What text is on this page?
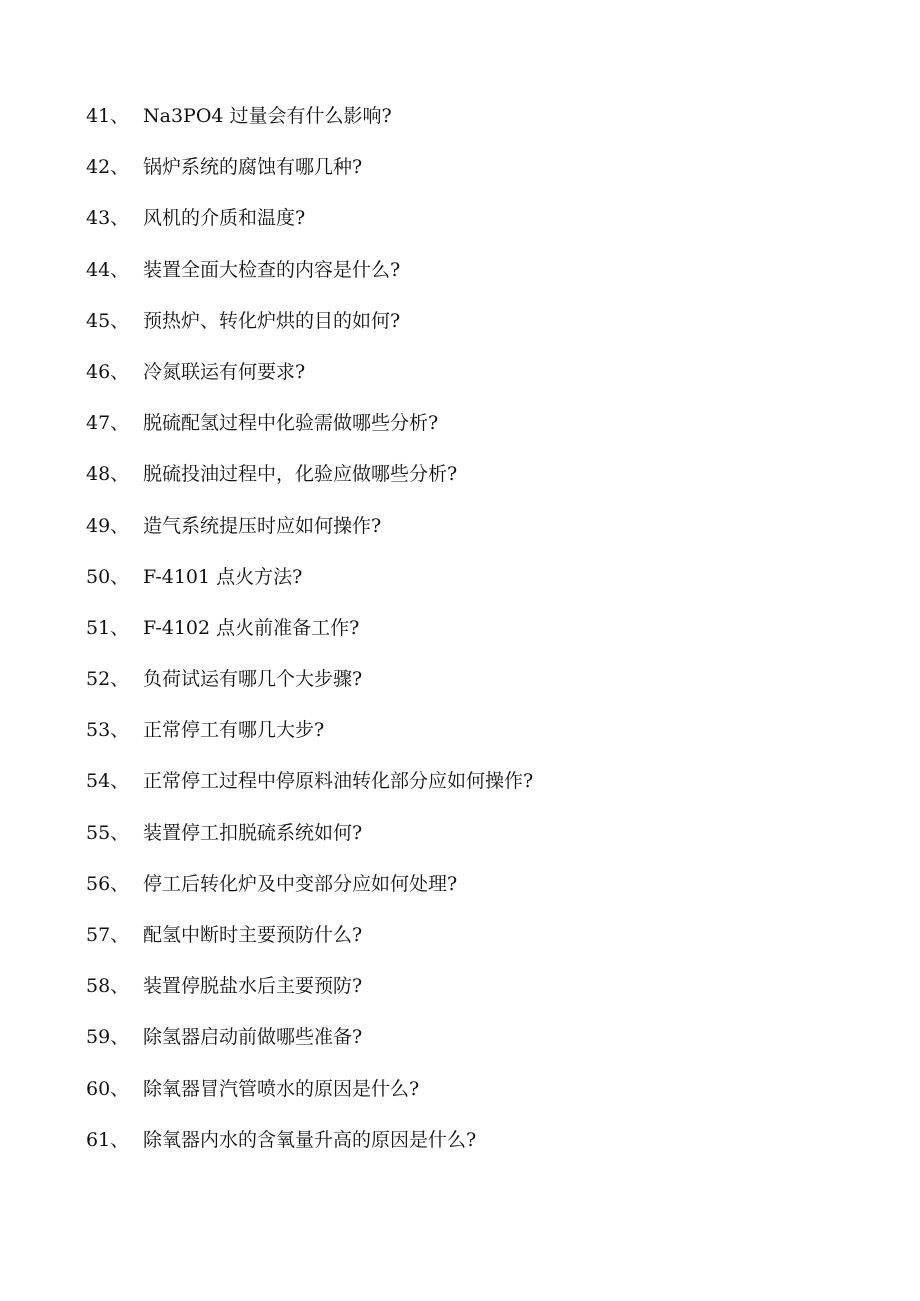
41、 Na3PO4 过量会有什么影响?
42、 锅炉系统的腐蚀有哪几种?
43、 风机的介质和温度?
44、 装置全面大检查的内容是什么?
45、 预热炉、转化炉烘的目的如何?
46、 冷氮联运有何要求?
47、 脱硫配氢过程中化验需做哪些分析?
48、 脱硫投油过程中，化验应做哪些分析?
49、 造气系统提压时应如何操作?
50、 F-4101 点火方法?
51、 F-4102 点火前准备工作?
52、 负荷试运有哪几个大步骤?
53、 正常停工有哪几大步?
54、 正常停工过程中停原料油转化部分应如何操作?
55、 装置停工扣脱硫系统如何?
56、 停工后转化炉及中变部分应如何处理?
57、 配氢中断时主要预防什么?
58、 装置停脱盐水后主要预防?
59、 除氢器启动前做哪些准备?
60、 除氧器冒汽管喷水的原因是什么?
61、 除氧器内水的含氧量升高的原因是什么?
